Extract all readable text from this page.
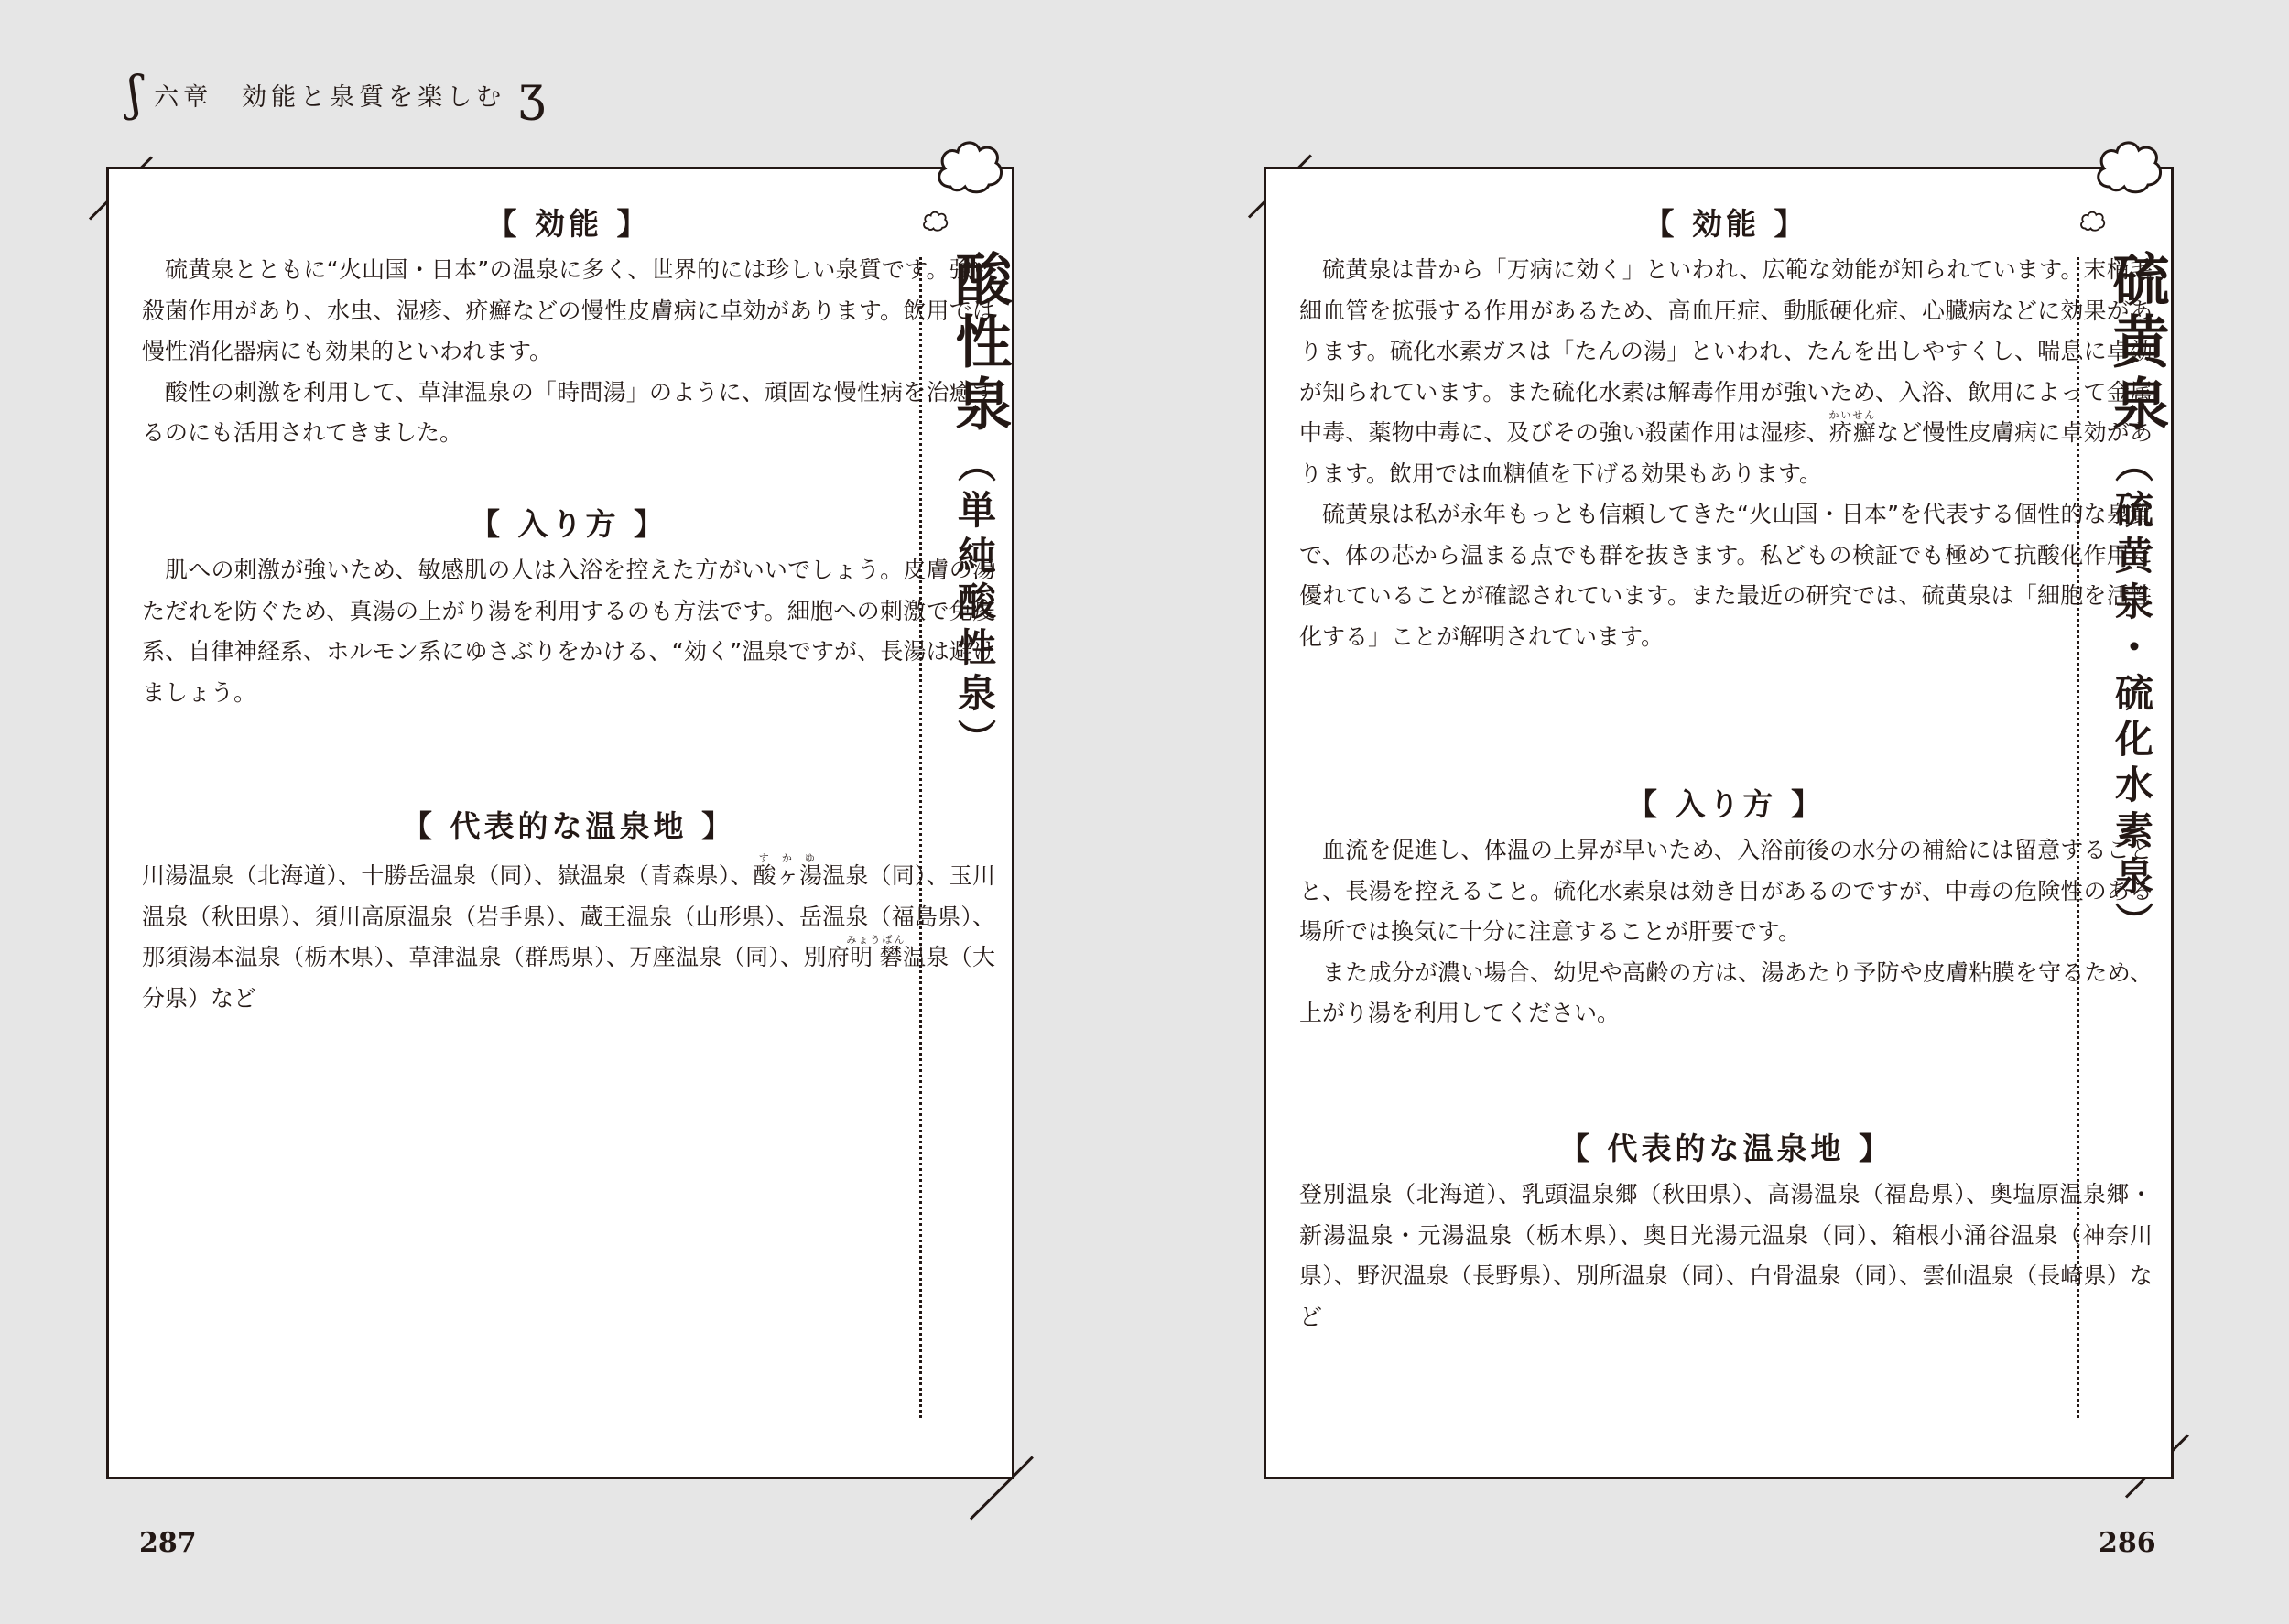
ʃ 六章　効能と泉質を楽しむ ʒ
【 効能 】

硫黄泉とともに“火山国・日本”の温泉に多く、世界的には珍しい泉質です。強い殺菌作用があり、水虫、湿疹、疥癬などの慢性皮膚病に卓効があります。飲用では慢性消化器病にも効果的といわれます。

酸性の刺激を利用して、草津温泉の「時間湯」のように、頑固な慢性病を治癒するのにも活用されてきました。

【 入り方 】

肌への刺激が強いため、敏感肌の人は入浴を控えた方がいいでしょう。皮膚の湯ただれを防ぐため、真湯の上がり湯を利用するのも方法です。細胞への刺激で免疫系、自律神経系、ホルモン系にゆさぶりをかける、“効く”温泉ですが、長湯は避けましょう。

【 代表的な温泉地 】

川湯温泉（北海道）、十勝岳温泉（同）、嶽温泉（青森県）、酸ヶ湯すかゆ温泉（同）、玉川温泉（秋田県）、須川高原温泉（岩手県）、蔵王温泉（山形県）、岳温泉（福島県）、那須湯本温泉（栃木県）、草津温泉（群馬県）、万座温泉（同）、別府明礬みょうばん温泉（大分県）など

酸性泉
（単純酸性泉）
【 効能 】

硫黄泉は昔から「万病に効く」といわれ、広範な効能が知られています。末梢毛細血管を拡張する作用があるため、高血圧症、動脈硬化症、心臓病などに効果があります。硫化水素ガスは「たんの湯」といわれ、たんを出しやすくし、喘息に卓効が知られています。また硫化水素は解毒作用が強いため、入浴、飲用によって金属中毒、薬物中毒に、及びその強い殺菌作用は湿疹、疥癬かいせんなど慢性皮膚病に卓効があります。飲用では血糖値を下げる効果もあります。

硫黄泉は私が永年もっとも信頼してきた“火山国・日本”を代表する個性的な泉質で、体の芯から温まる点でも群を抜きます。私どもの検証でも極めて抗酸化作用に優れていることが確認されています。また最近の研究では、硫黄泉は「細胞を活性化する」ことが解明されています。

【 入り方 】

血流を促進し、体温の上昇が早いため、入浴前後の水分の補給には留意することと、長湯を控えること。硫化水素泉は効き目があるのですが、中毒の危険性のある場所では換気に十分に注意することが肝要です。

また成分が濃い場合、幼児や高齢の方は、湯あたり予防や皮膚粘膜を守るため、上がり湯を利用してください。

【 代表的な温泉地 】

登別温泉（北海道）、乳頭温泉郷（秋田県）、高湯温泉（福島県）、奥塩原温泉郷・新湯温泉・元湯温泉（栃木県）、奥日光湯元温泉（同）、箱根小涌谷温泉（神奈川県）、野沢温泉（長野県）、別所温泉（同）、白骨温泉（同）、雲仙温泉（長崎県）など

硫黄泉
（硫黄泉・硫化水素泉）
287	286
